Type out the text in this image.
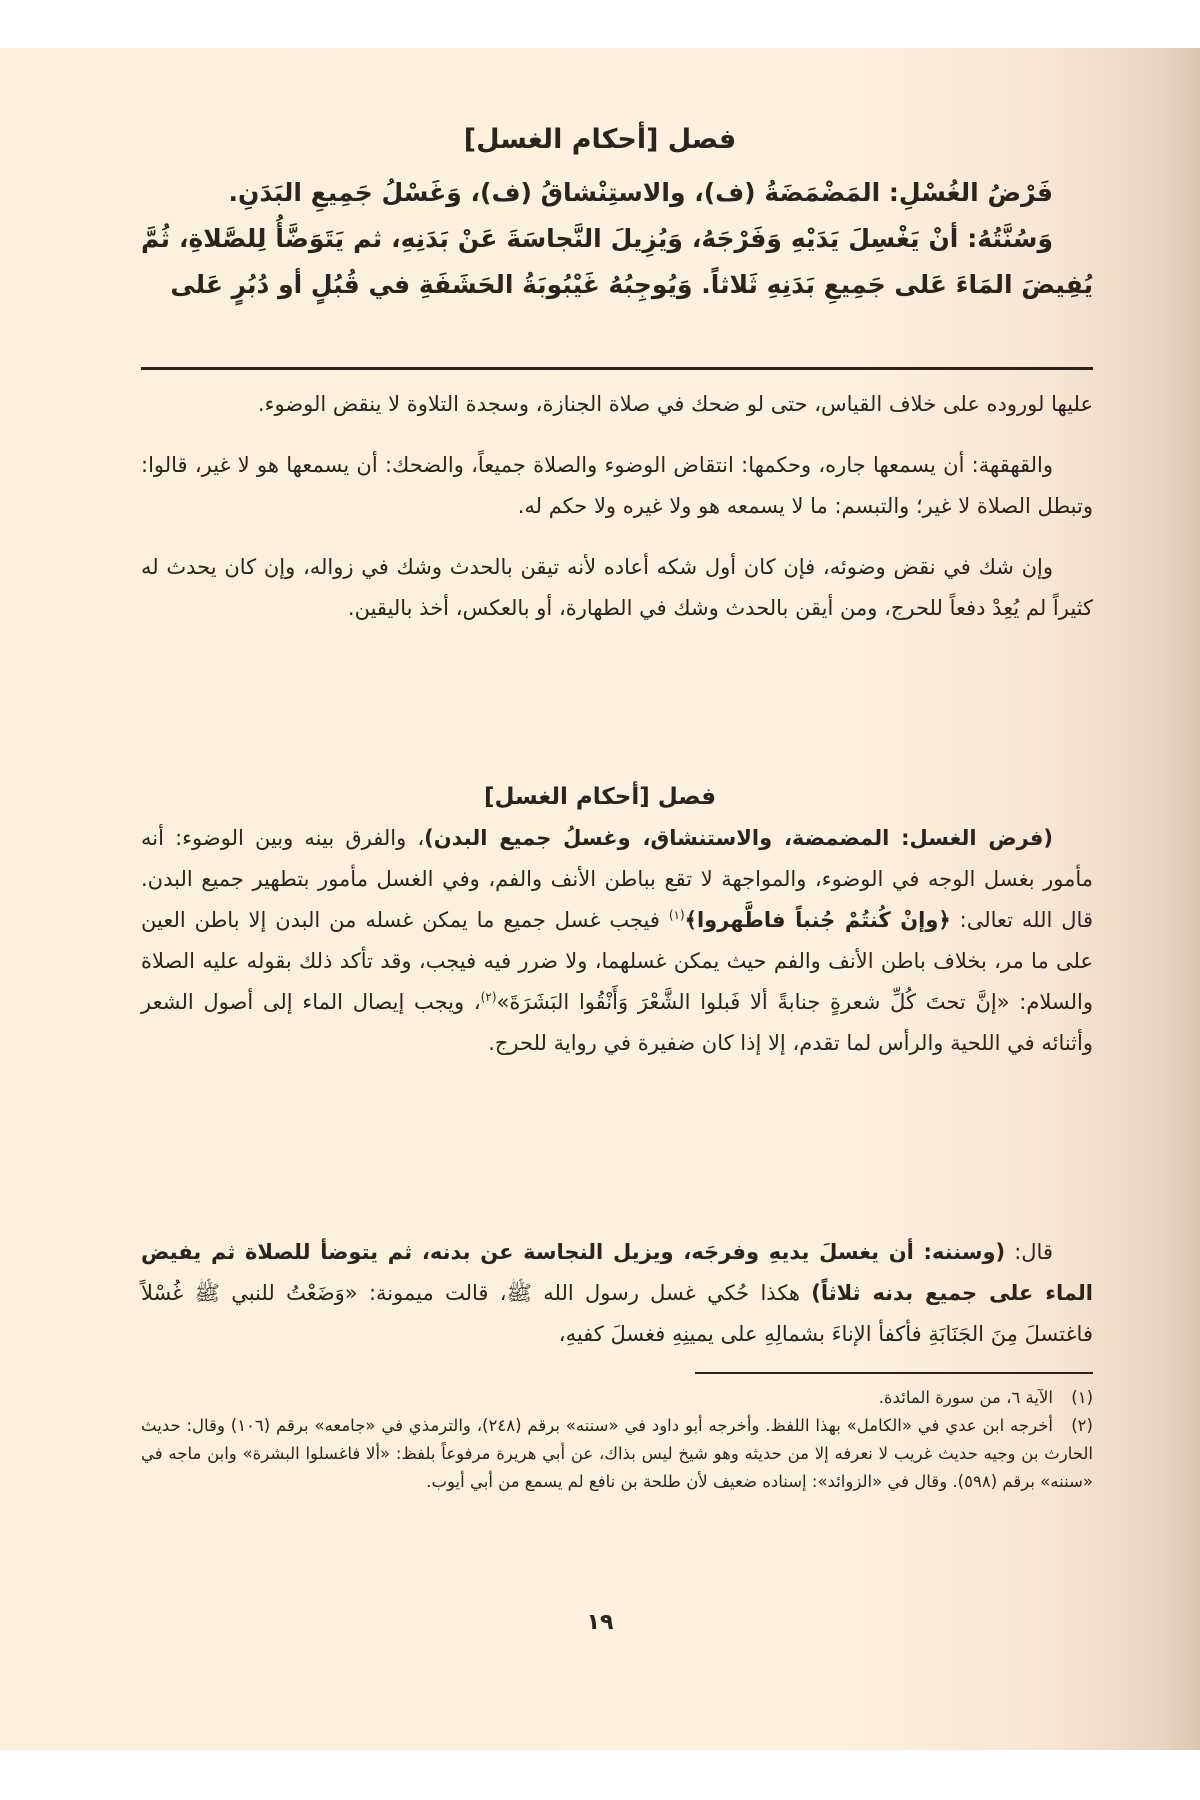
فصل [أحكام الغسل]

فَرْضُ الغُسْلِ: المَضْمَضَةُ (ف)، والاستِنْشاقُ (ف)، وَغَسْلُ جَمِيعِ البَدَنِ.

وَسُنَّتُهُ: أنْ يَغْسِلَ يَدَيْهِ وَفَرْجَهُ، وَيُزِيلَ النَّجاسَةَ عَنْ بَدَنِهِ، ثم يَتَوَضَّأُ لِلصَّلاةِ، ثُمَّ يُفِيضَ المَاءَ عَلى جَمِيعِ بَدَنِهِ ثَلاثاً. وَيُوجِبُهُ غَيْبُوبَةُ الحَشَفَةِ في قُبُلٍ أو دُبُرٍ عَلى

عليها لوروده على خلاف القياس، حتى لو ضحك في صلاة الجنازة، وسجدة التلاوة لا ينقض الوضوء.

والقهقهة: أن يسمعها جاره، وحكمها: انتقاض الوضوء والصلاة جميعاً، والضحك: أن يسمعها هو لا غير، قالوا: وتبطل الصلاة لا غير؛ والتبسم: ما لا يسمعه هو ولا غيره ولا حكم له.

وإن شك في نقض وضوئه، فإن كان أول شكه أعاده لأنه تيقن بالحدث وشك في زواله، وإن كان يحدث له كثيراً لم يُعِدْ دفعاً للحرج، ومن أيقن بالحدث وشك في الطهارة، أو بالعكس، أخذ باليقين.

فصل [أحكام الغسل]

(فرض الغسل: المضمضة، والاستنشاق، وغسلُ جميع البدن)، والفرق بينه وبين الوضوء: أنه مأمور بغسل الوجه في الوضوء، والمواجهة لا تقع بباطن الأنف والفم، وفي الغسل مأمور بتطهير جميع البدن. قال الله تعالى: ﴿وإنْ كُنتُمْ جُنباً فاطَّهروا﴾$^{(١)}$ فيجب غسل جميع ما يمكن غسله من البدن إلا باطن العين على ما مر، بخلاف باطن الأنف والفم حيث يمكن غسلهما، ولا ضرر فيه فيجب، وقد تأكد ذلك بقوله عليه الصلاة والسلام: «إنَّ تحتَ كُلِّ شعرةٍ جنابةً ألا فَبلوا الشَّعْرَ وَأَنْقُوا البَشَرَةَ»$^{(٢)}$، ويجب إيصال الماء إلى أصول الشعر وأثنائه في اللحية والرأس لما تقدم، إلا إذا كان ضفيرة في رواية للحرج.

قال: (وسننه: أن يغسلَ يديهِ وفرجَه، ويزيل النجاسة عن بدنه، ثم يتوضأ للصلاة ثم يفيض الماء على جميع بدنه ثلاثاً) هكذا حُكي غسل رسول الله ﷺ، قالت ميمونة: «وَضَعْتُ للنبي ﷺ غُسْلاً فاغتسلَ مِنَ الجَنَابَةِ فأكفأ الإناءَ بشمالِهِ على يمينِهِ فغسلَ كفيهِ،

(١)الآية ٦، من سورة المائدة.

(٢)أخرجه ابن عدي في «الكامل» بهذا اللفظ. وأخرجه أبو داود في «سننه» برقم (٢٤٨)، والترمذي في «جامعه» برقم (١٠٦) وقال: حديث الحارث بن وجيه حديث غريب لا نعرفه إلا من حديثه وهو شيخ ليس بذاك، عن أبي هريرة مرفوعاً بلفظ: «ألا فاغسلوا البشرة» وابن ماجه في «سننه» برقم (٥٩٨). وقال في «الزوائد»: إسناده ضعيف لأن طلحة بن نافع لم يسمع من أبي أيوب.

١٩
